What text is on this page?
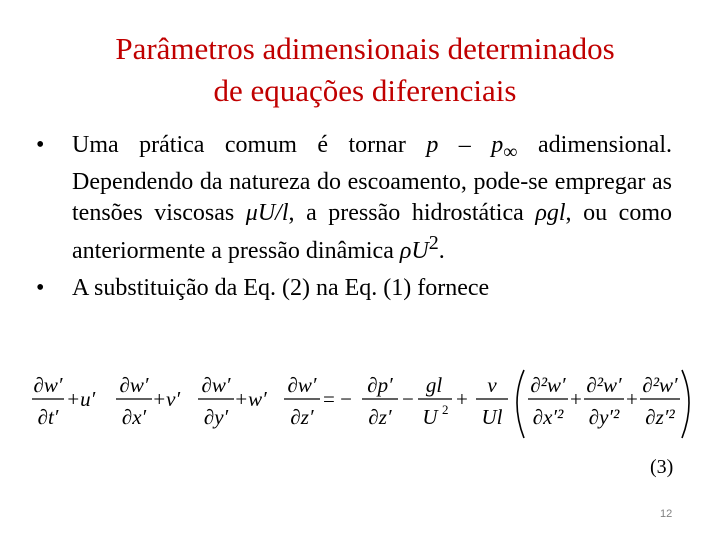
Parâmetros adimensionais determinados
de equações diferenciais
• Uma prática comum é tornar p – $p_\infty$ adimensional. Dependendo da natureza do escoamento, pode-se empregar as tensões viscosas μU/l, a pressão hidrostática ρgl, ou como anteriormente a pressão dinâmica $\rho U^2$.
• A substituição da Eq. (2) na Eq. (1) fornece
∂w′
∂t′
+u′
∂w′
∂x′
+v′
∂w′
∂y′
+w′
∂w′
∂z′
= −
∂p′
∂z′
−
gl
U 2 +
ν
Ul
∂²w′
∂x′²
+
∂²w′
∂y′²
+
∂²w′
∂z′²
(3)
12
